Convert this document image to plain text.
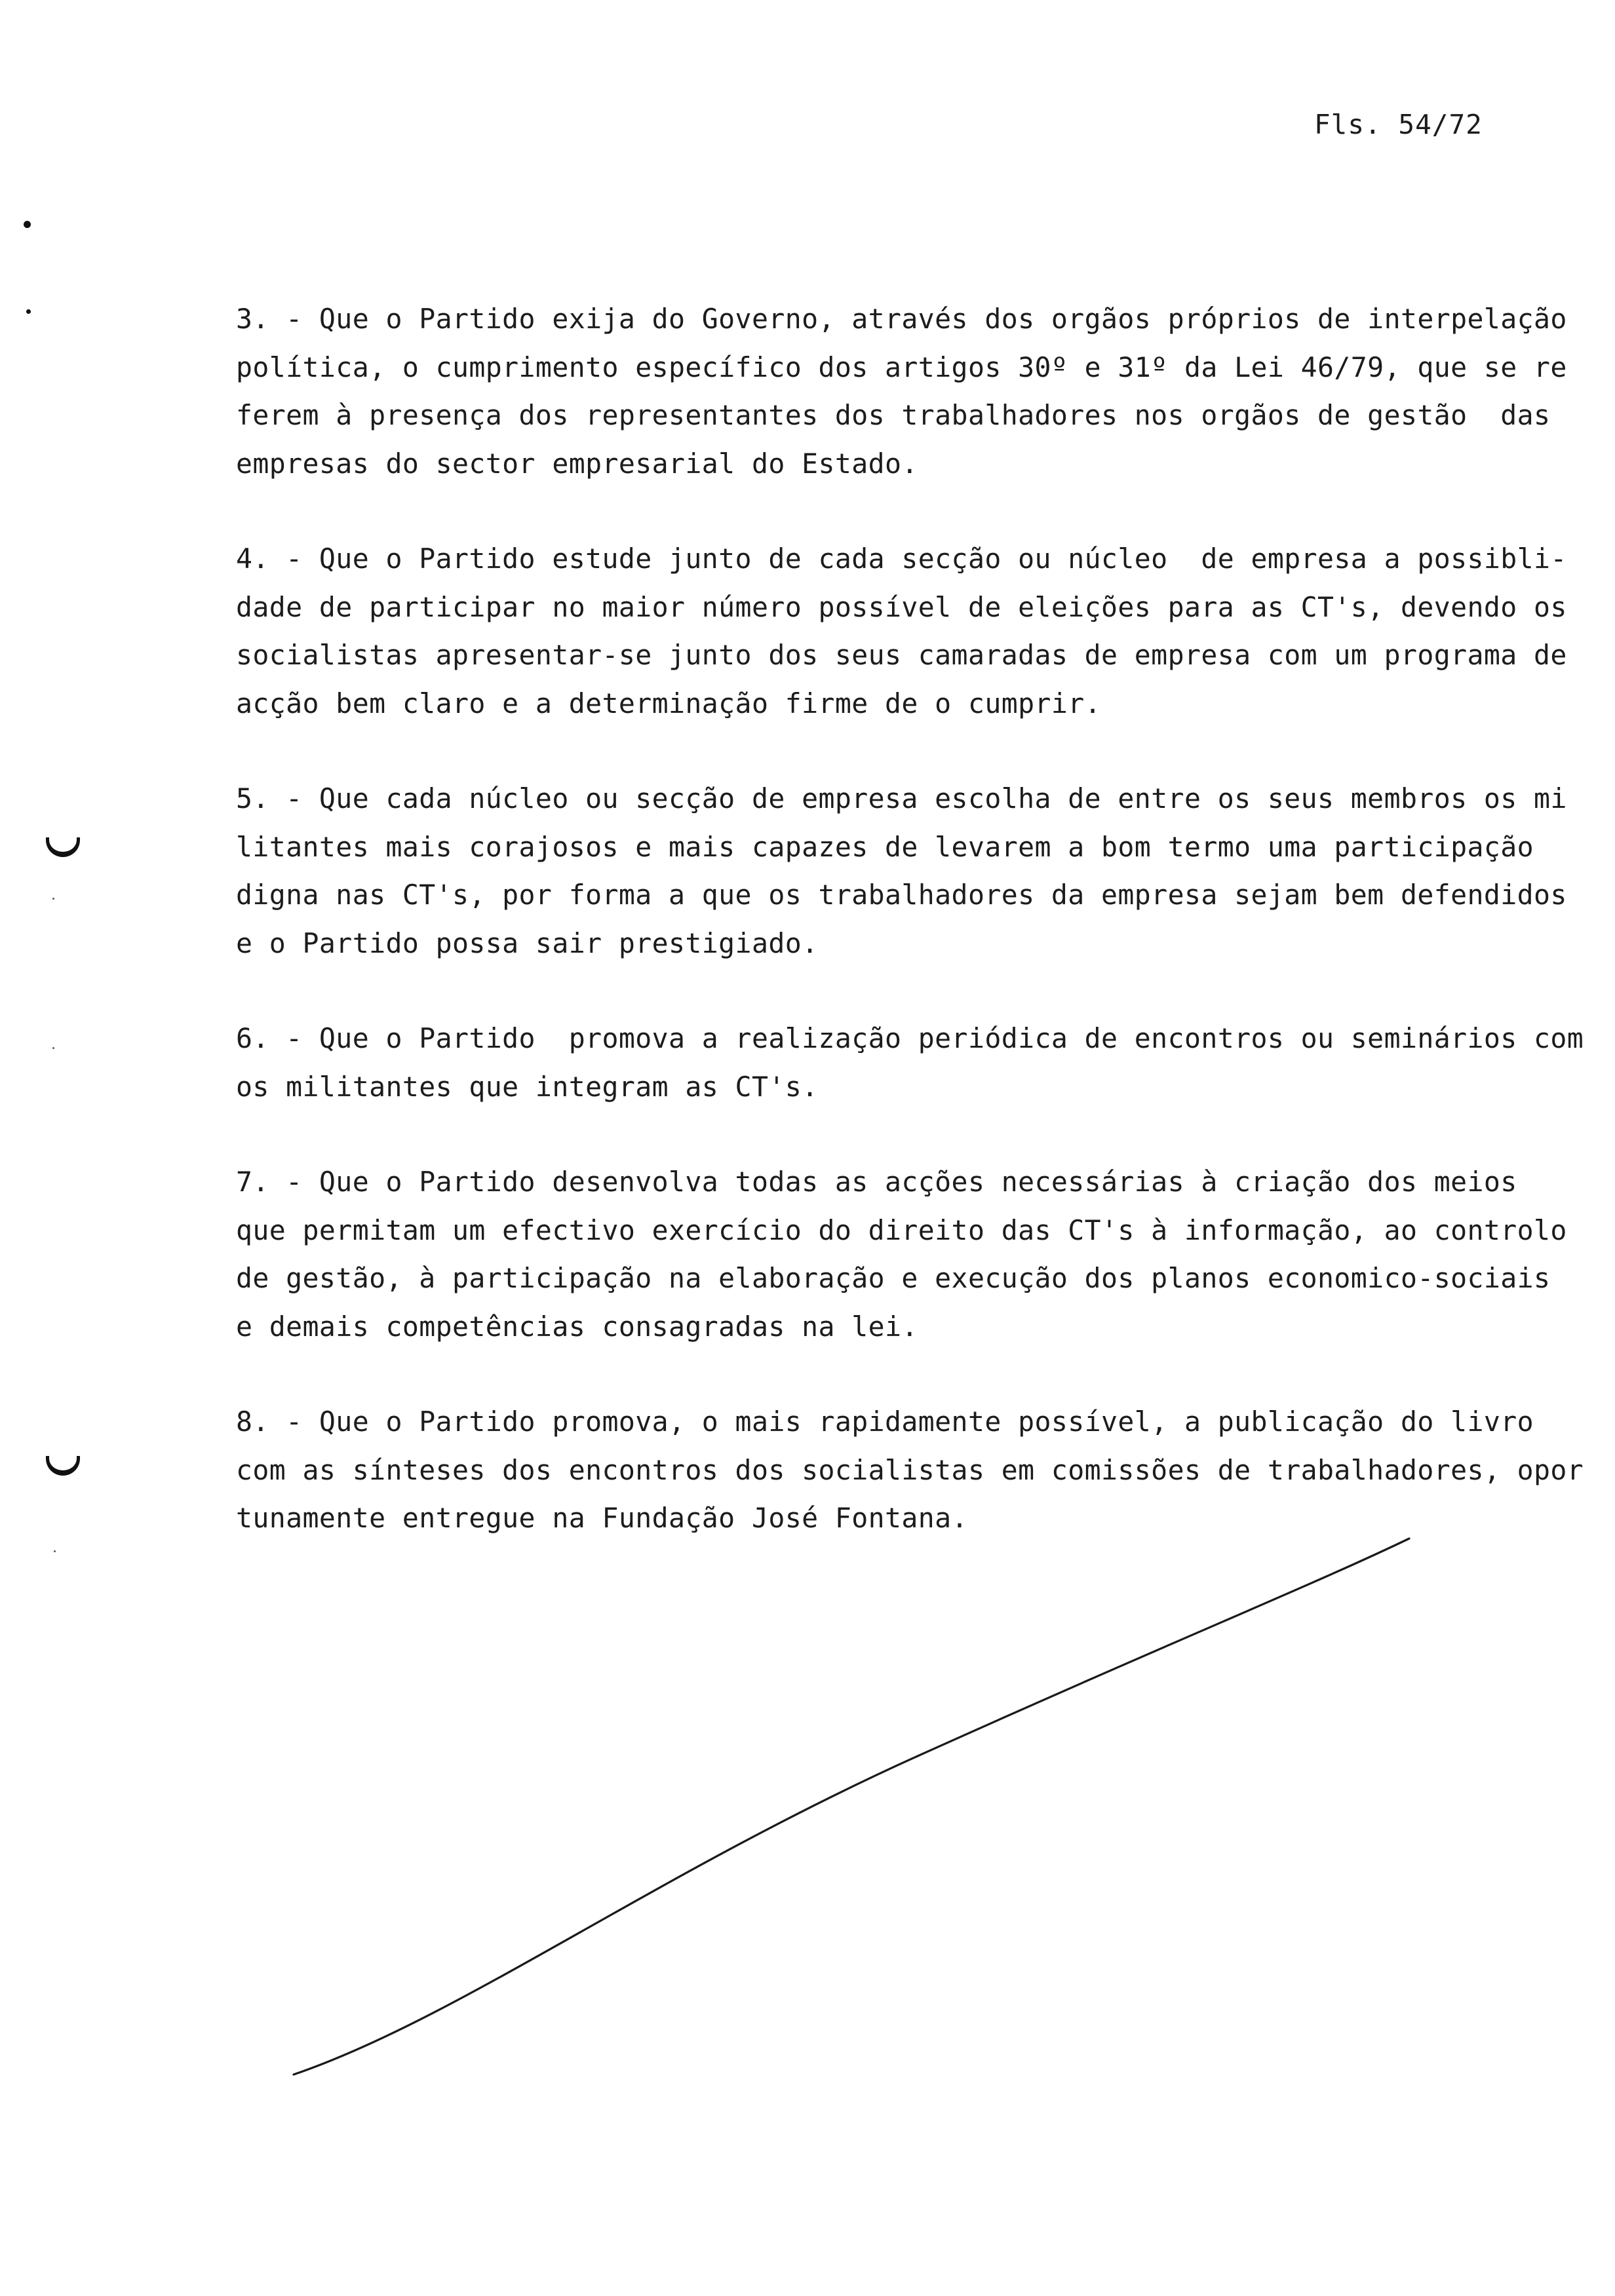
Fls. 54/72
3. - Que o Partido exija do Governo, através dos orgãos próprios de interpelação
política, o cumprimento específico dos artigos 30º e 31º da Lei 46/79, que se re
ferem à presença dos representantes dos trabalhadores nos orgãos de gestão  das
empresas do sector empresarial do Estado.
4. - Que o Partido estude junto de cada secção ou núcleo  de empresa a possibli-
dade de participar no maior número possível de eleições para as CT's, devendo os
socialistas apresentar-se junto dos seus camaradas de empresa com um programa de
acção bem claro e a determinação firme de o cumprir.
5. - Que cada núcleo ou secção de empresa escolha de entre os seus membros os mi
litantes mais corajosos e mais capazes de levarem a bom termo uma participação
digna nas CT's, por forma a que os trabalhadores da empresa sejam bem defendidos
e o Partido possa sair prestigiado.
6. - Que o Partido  promova a realização periódica de encontros ou seminários com
os militantes que integram as CT's.
7. - Que o Partido desenvolva todas as acções necessárias à criação dos meios
que permitam um efectivo exercício do direito das CT's à informação, ao controlo
de gestão, à participação na elaboração e execução dos planos economico-sociais
e demais competências consagradas na lei.
8. - Que o Partido promova, o mais rapidamente possível, a publicação do livro
com as sínteses dos encontros dos socialistas em comissões de trabalhadores, opor
tunamente entregue na Fundação José Fontana.
